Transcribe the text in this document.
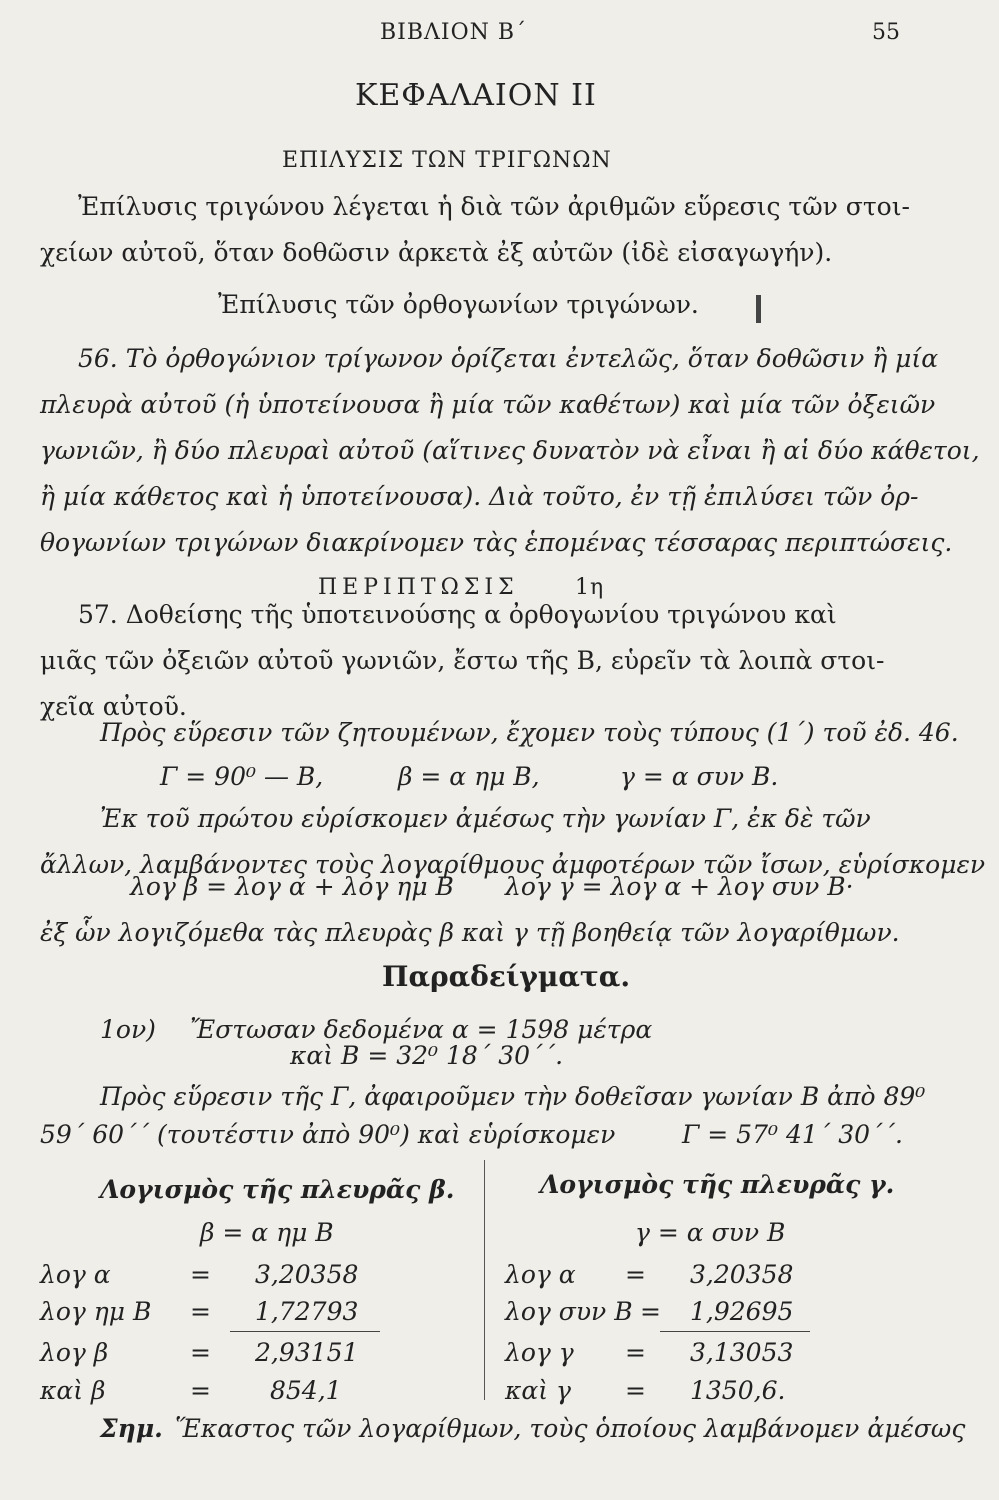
ΒΙΒΛΙΟΝ Β΄	55
ΚΕΦΑΛΑΙΟΝ ΙΙ
ΕΠΙΛΥΣΙΣ ΤΩΝ ΤΡΙΓΩΝΩΝ
Ἐπίλυσις τριγώνου λέγεται ἡ διὰ τῶν ἀριθμῶν εὕρεσις τῶν στοι-
χείων αὐτοῦ, ὅταν δοθῶσιν ἀρκετὰ ἐξ αὐτῶν (ἰδὲ εἰσαγωγήν).
Ἐπίλυσις τῶν ὀρθογωνίων τριγώνων.
56. Τὸ ὀρθογώνιον τρίγωνον ὁρίζεται ἐντελῶς, ὅταν δοθῶσιν ἢ μία
πλευρὰ αὐτοῦ (ἡ ὑποτείνουσα ἢ μία τῶν καθέτων) καὶ μία τῶν ὀξειῶν
γωνιῶν, ἢ δύο πλευραὶ αὐτοῦ (αἵτινες δυνατὸν νὰ εἶναι ἢ αἱ δύο κάθετοι,
ἢ μία κάθετος καὶ ἡ ὑποτείνουσα). Διὰ τοῦτο, ἐν τῇ ἐπιλύσει τῶν ὀρ-
θογωνίων τριγώνων διακρίνομεν τὰς ἑπομένας τέσσαρας περιπτώσεις.
ΠΕΡΙΠΤΩΣΙΣ	1η
57. Δοθείσης τῆς ὑποτεινούσης α ὀρθογωνίου τριγώνου καὶ
μιᾶς τῶν ὀξειῶν αὐτοῦ γωνιῶν, ἔστω τῆς Β, εὑρεῖν τὰ λοιπὰ στοι-
χεῖα αὐτοῦ.
Πρὸς εὕρεσιν τῶν ζητουμένων, ἔχομεν τοὺς τύπους (1΄) τοῦ ἐδ. 46.
Γ = 90⁰ — Β,	β = α ημ Β,	γ = α συν Β.
Ἐκ τοῦ πρώτου εὑρίσκομεν ἀμέσως τὴν γωνίαν Γ, ἐκ δὲ τῶν
ἄλλων, λαμβάνοντες τοὺς λογαρίθμους ἀμφοτέρων τῶν ἴσων, εὑρίσκομεν
λογ β = λογ α + λογ ημ Β λογ γ = λογ α + λογ συν Β·
ἐξ ὧν λογιζόμεθα τὰς πλευρὰς β καὶ γ τῇ βοηθείᾳ τῶν λογαρίθμων.
Παραδείγματα.
1ον) Ἔστωσαν δεδομένα α = 1598 μέτρα
καὶ Β = 32⁰ 18΄ 30΄΄.
Πρὸς εὕρεσιν τῆς Γ, ἀφαιροῦμεν τὴν δοθεῖσαν γωνίαν Β ἀπὸ 89⁰
59΄ 60΄΄ (τουτέστιν ἀπὸ 90⁰) καὶ εὑρίσκομεν	Γ = 57⁰ 41΄ 30΄΄.
Λογισμὸς τῆς πλευρᾶς β.	Λογισμὸς τῆς πλευρᾶς γ.
β = α ημ Β
λογ α	= 3,20358
λογ ημ Β = 1,72793
λογ β	= 2,93151
καὶ β	= 854,1
γ = α συν Β
λογ α = 3,20358
λογ συν Β = 1,92695
λογ γ = 3,13053
καὶ γ = 1350,6.
Σημ. Ἕκαστος τῶν λογαρίθμων, τοὺς ὁποίους λαμβάνομεν ἀμέσως
